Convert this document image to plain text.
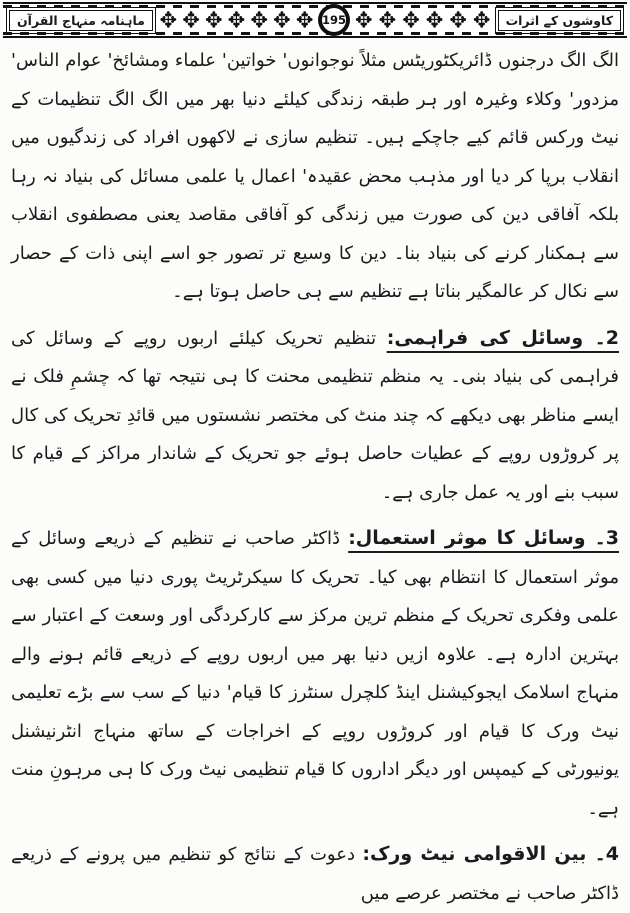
ماہنامہ منہاج القرآن ✥ ✥ ✥ ✥ ✥ ✥ ✥ 195 ✥ ✥ ✥ ✥ ✥ ✥	کاوشوں کے اثرات

الگ الگ درجنوں ڈائریکٹوریٹس مثلاً نوجوانوں' خواتین' علماء ومشائخ' عوام الناس' مزدور' وکلاء وغیرہ اور ہر طبقہ زندگی کیلئے دنیا بھر میں الگ الگ تنظیمات کے نیٹ ورکس قائم کیے جاچکے ہیں۔ تنظیم سازی نے لاکھوں افراد کی زندگیوں میں انقلاب برپا کر دیا اور مذہب محض عقیدہ' اعمال یا علمی مسائل کی بنیاد نہ رہا بلکہ آفاقی دین کی صورت میں زندگی کو آفاقی مقاصد یعنی مصطفوی انقلاب سے ہمکنار کرنے کی بنیاد بنا۔ دین کا وسیع تر تصور جو اسے اپنی ذات کے حصار سے نکال کر عالمگیر بناتا ہے تنظیم سے ہی حاصل ہوتا ہے۔

2۔ وسائل کی فراہمی: تنظیم تحریک کیلئے اربوں روپے کے وسائل کی فراہمی کی بنیاد بنی۔ یہ منظم تنظیمی محنت کا ہی نتیجہ تھا کہ چشمِ فلک نے ایسے مناظر بھی دیکھے کہ چند منٹ کی مختصر نشستوں میں قائدِ تحریک کی کال پر کروڑوں روپے کے عطیات حاصل ہوئے جو تحریک کے شاندار مراکز کے قیام کا سبب بنے اور یہ عمل جاری ہے۔

3۔ وسائل کا موثر استعمال: ڈاکٹر صاحب نے تنظیم کے ذریعے وسائل کے موثر استعمال کا انتظام بھی کیا۔ تحریک کا سیکرٹریٹ پوری دنیا میں کسی بھی علمی وفکری تحریک کے منظم ترین مرکز سے کارکردگی اور وسعت کے اعتبار سے بہترین ادارہ ہے۔ علاوہ ازیں دنیا بھر میں اربوں روپے کے ذریعے قائم ہونے والے منہاج اسلامک ایجوکیشنل اینڈ کلچرل سنٹرز کا قیام' دنیا کے سب سے بڑے تعلیمی نیٹ ورک کا قیام اور کروڑوں روپے کے اخراجات کے ساتھ منہاج انٹرنیشنل یونیورٹی کے کیمپس اور دیگر اداروں کا قیام تنظیمی نیٹ ورک کا ہی مرہونِ منت ہے۔

4۔ بین الاقوامی نیٹ ورک: دعوت کے نتائج کو تنظیم میں پرونے کے ذریعے ڈاکٹر صاحب نے مختصر عرصے میں
